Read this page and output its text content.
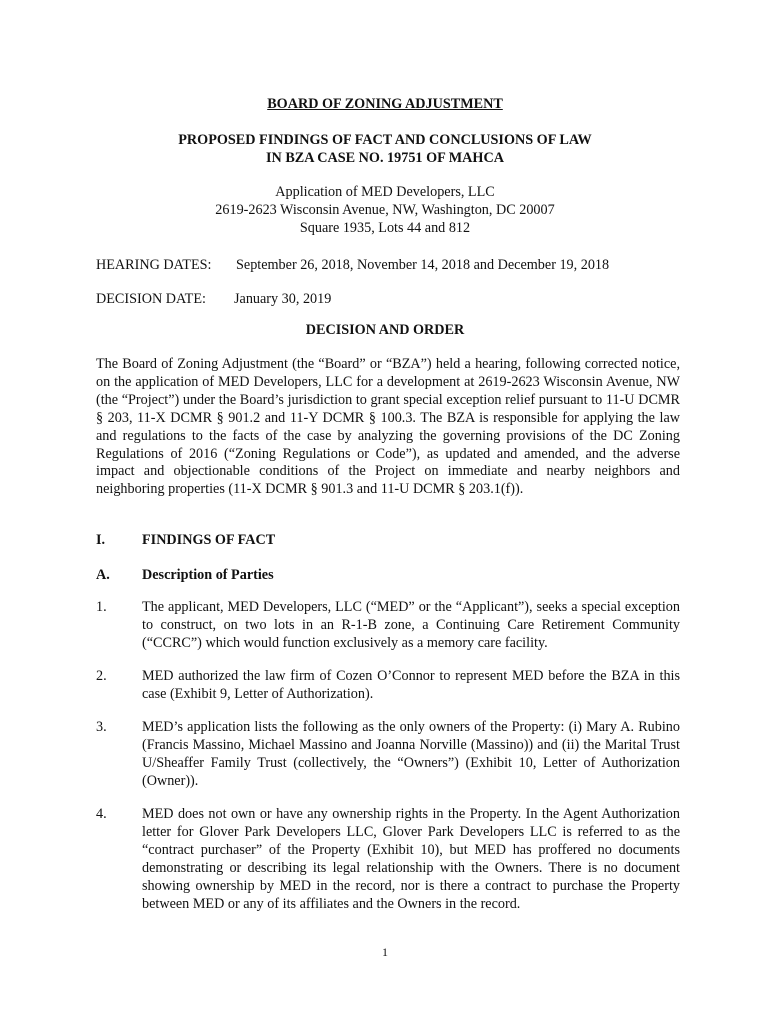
BOARD OF ZONING ADJUSTMENT
PROPOSED FINDINGS OF FACT AND CONCLUSIONS OF LAW
IN BZA CASE NO. 19751 OF MAHCA
Application of MED Developers, LLC
2619-2623 Wisconsin Avenue, NW, Washington, DC 20007
Square 1935, Lots 44 and 812
HEARING DATES: September 26, 2018, November 14, 2018 and December 19, 2018
DECISION DATE: January 30, 2019
DECISION AND ORDER

The Board of Zoning Adjustment (the “Board” or “BZA”) held a hearing, following corrected notice, on the application of MED Developers, LLC for a development at 2619-2623 Wisconsin Avenue, NW (the “Project”) under the Board’s jurisdiction to grant special exception relief pursuant to 11-U DCMR § 203, 11-X DCMR § 901.2 and 11-Y DCMR § 100.3. The BZA is responsible for applying the law and regulations to the facts of the case by analyzing the governing provisions of the DC Zoning Regulations of 2016 (“Zoning Regulations or Code”), as updated and amended, and the adverse impact and objectionable conditions of the Project on immediate and nearby neighbors and neighboring properties (11-X DCMR § 901.3 and 11-U DCMR § 203.1(f)).

I.	FINDINGS OF FACT
A. Description of Parties
1. The applicant, MED Developers, LLC (“MED” or the “Applicant”), seeks a special exception to construct, on two lots in an R-1-B zone, a Continuing Care Retirement Community (“CCRC”) which would function exclusively as a memory care facility.
2. MED authorized the law firm of Cozen O’Connor to represent MED before the BZA in this case (Exhibit 9, Letter of Authorization).
3. MED’s application lists the following as the only owners of the Property: (i) Mary A. Rubino (Francis Massino, Michael Massino and Joanna Norville (Massino)) and (ii) the Marital Trust U/Sheaffer Family Trust (collectively, the “Owners”) (Exhibit 10, Letter of Authorization (Owner)).
4. MED does not own or have any ownership rights in the Property. In the Agent Authorization letter for Glover Park Developers LLC, Glover Park Developers LLC is referred to as the “contract purchaser” of the Property (Exhibit 10), but MED has proffered no documents demonstrating or describing its legal relationship with the Owners. There is no document showing ownership by MED in the record, nor is there a contract to purchase the Property between MED or any of its affiliates and the Owners in the record.
1
